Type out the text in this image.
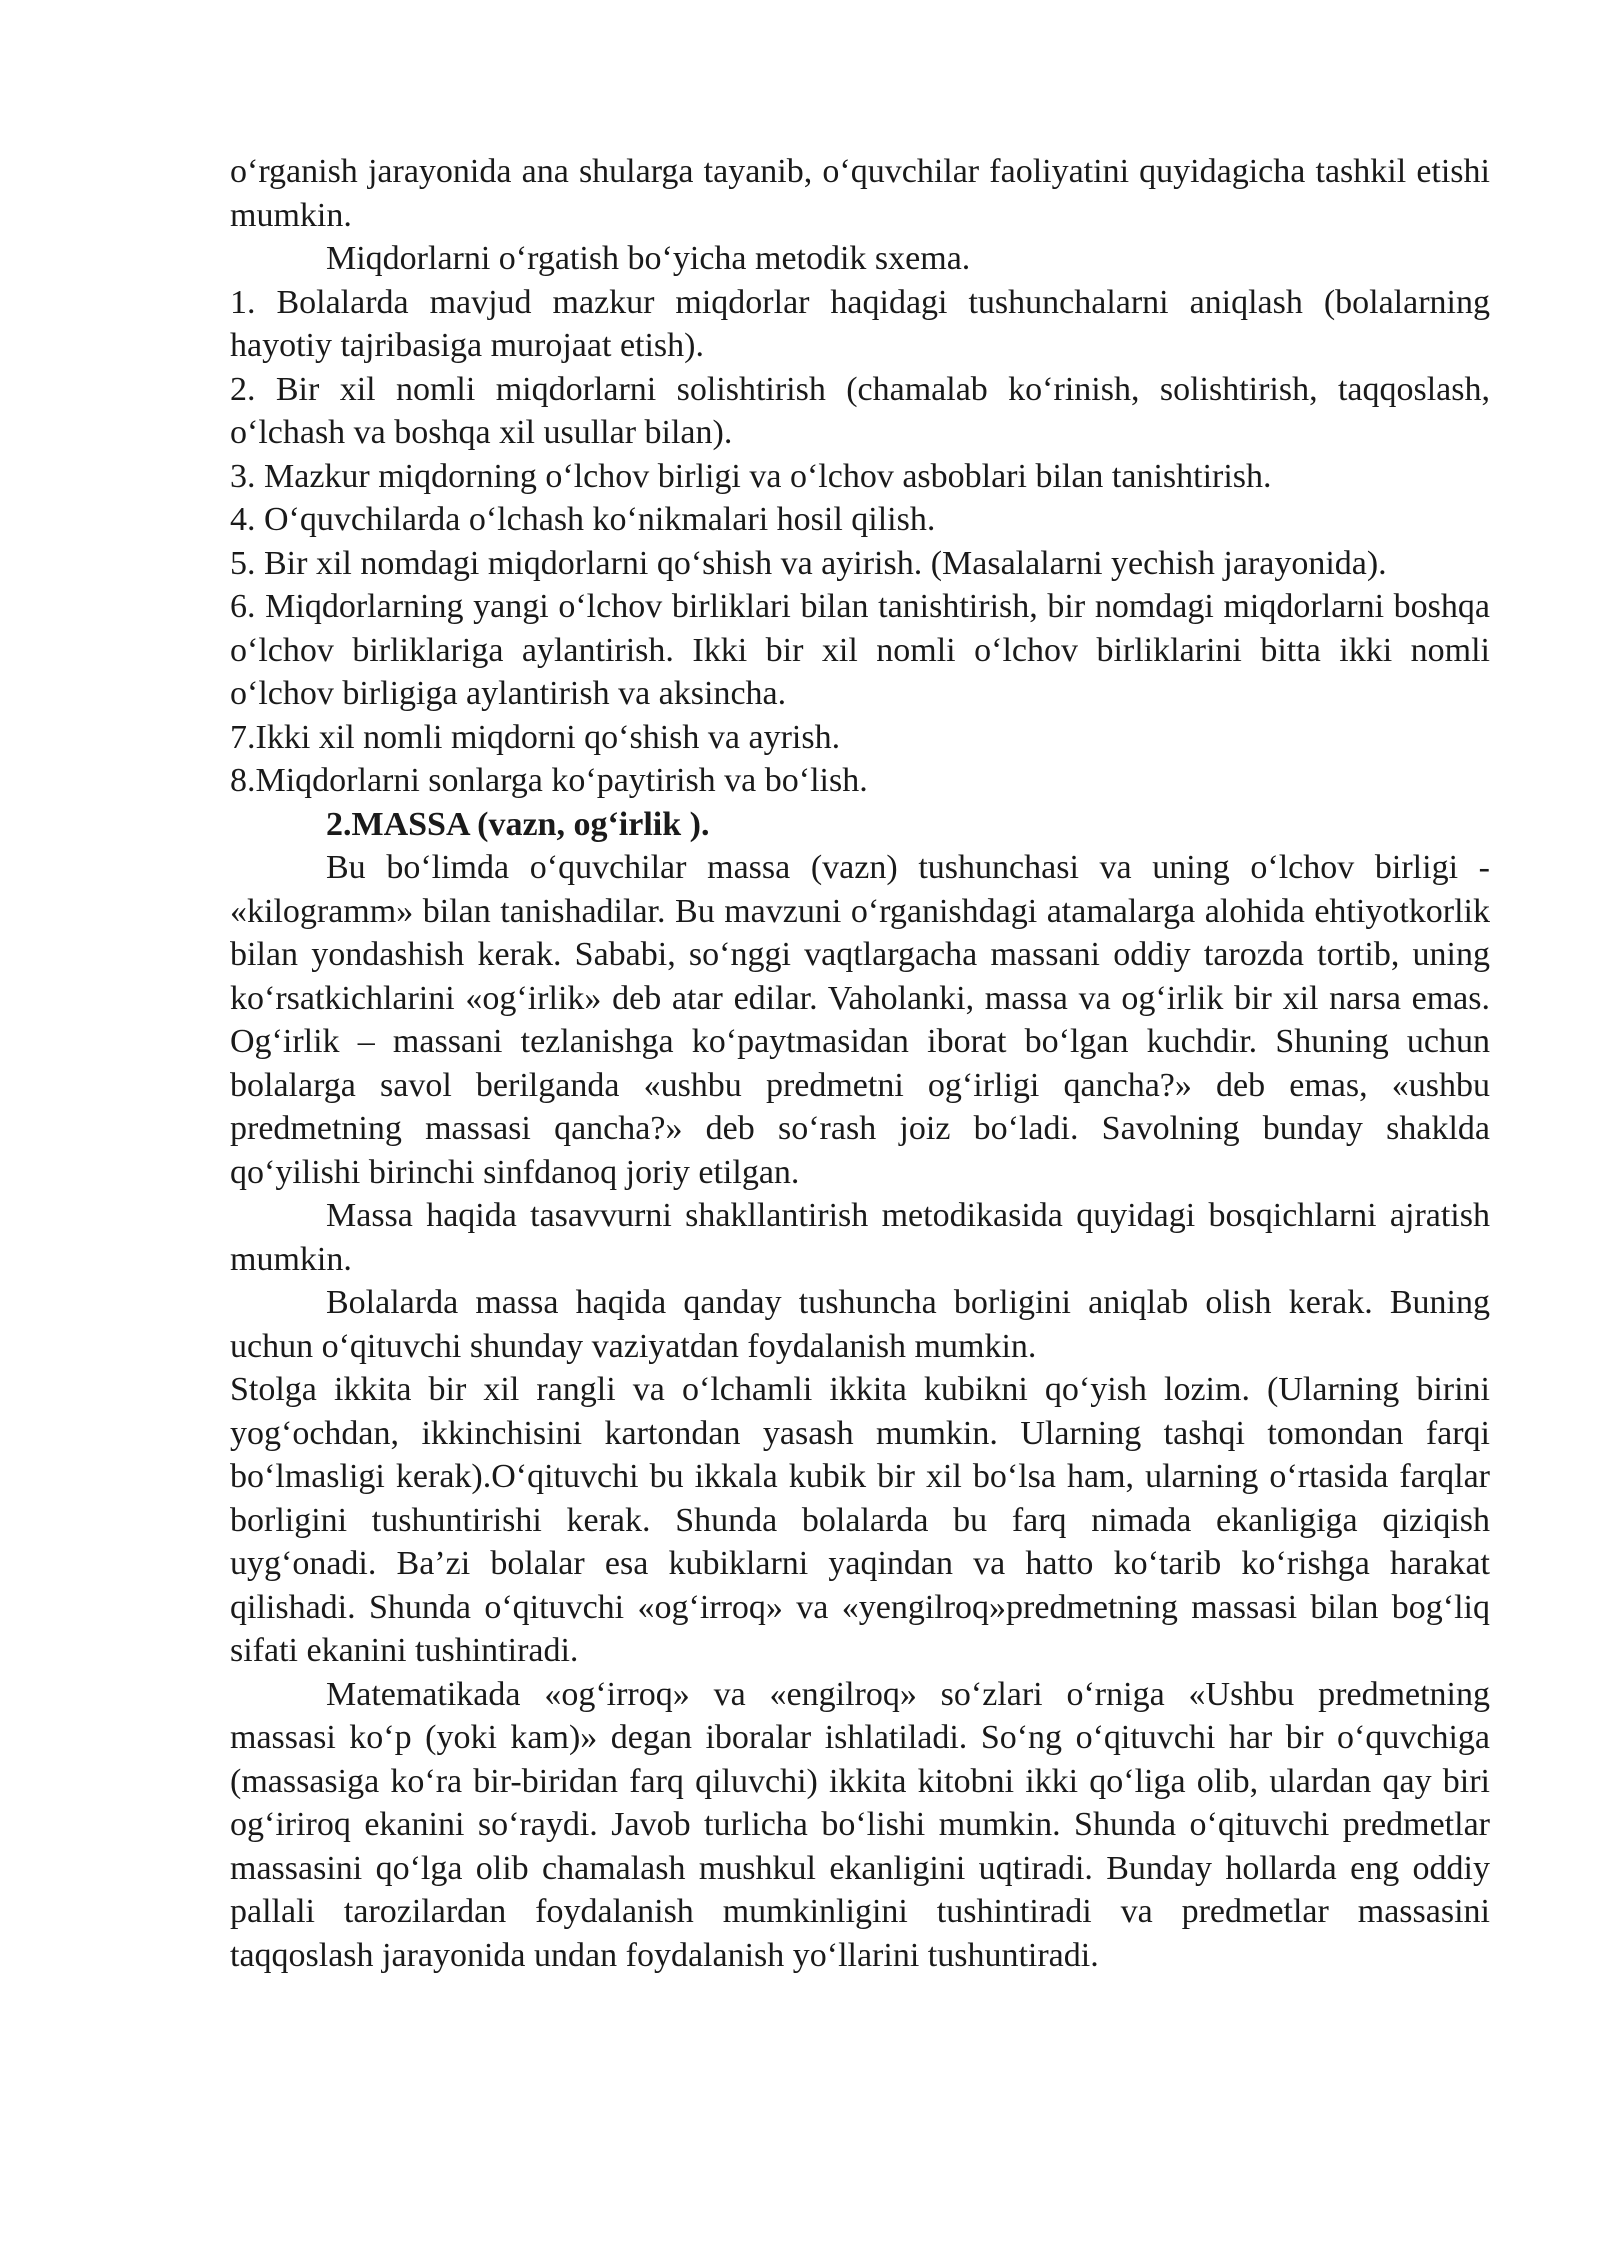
o‘rganish jarayonida ana shularga tayanib, o‘quvchilar faoliyatini quyidagicha tashkil etishi mumkin.

Miqdorlarni o‘rgatish bo‘yicha metodik sxema.

1. Bolalarda mavjud mazkur miqdorlar haqidagi tushunchalarni aniqlash (bolalarning hayotiy tajribasiga murojaat etish).

2. Bir xil nomli miqdorlarni solishtirish (chamalab ko‘rinish, solishtirish, taqqoslash, o‘lchash va boshqa xil usullar bilan).

3. Mazkur miqdorning o‘lchov birligi va o‘lchov asboblari bilan tanishtirish.

4. O‘quvchilarda o‘lchash ko‘nikmalari hosil qilish.

5. Bir xil nomdagi miqdorlarni qo‘shish va ayirish. (Masalalarni yechish jarayonida).

6. Miqdorlarning yangi o‘lchov birliklari bilan tanishtirish, bir nomdagi miqdorlarni boshqa o‘lchov birliklariga aylantirish. Ikki bir xil nomli o‘lchov birliklarini bitta ikki nomli o‘lchov birligiga aylantirish va aksincha.

7.Ikki xil nomli miqdorni qo‘shish va ayrish.

8.Miqdorlarni sonlarga ko‘paytirish va bo‘lish.

2.MASSA (vazn, og‘irlik ).

Bu bo‘limda o‘quvchilar massa (vazn) tushunchasi va uning o‘lchov birligi - «kilogramm» bilan tanishadilar. Bu mavzuni o‘rganishdagi atamalarga alohida ehtiyotkorlik bilan yondashish kerak. Sababi, so‘nggi vaqtlargacha massani oddiy tarozda tortib, uning ko‘rsatkichlarini «og‘irlik» deb atar edilar. Vaholanki, massa va og‘irlik bir xil narsa emas. Og‘irlik – massani tezlanishga ko‘paytmasidan iborat bo‘lgan kuchdir. Shuning uchun bolalarga savol berilganda «ushbu predmetni og‘irligi qancha?» deb emas, «ushbu predmetning massasi qancha?» deb so‘rash joiz bo‘ladi. Savolning bunday shaklda qo‘yilishi birinchi sinfdanoq joriy etilgan.

Massa haqida tasavvurni shakllantirish metodikasida quyidagi bosqichlarni ajratish mumkin.

Bolalarda massa haqida qanday tushuncha borligini aniqlab olish kerak. Buning uchun o‘qituvchi shunday vaziyatdan foydalanish mumkin.

Stolga ikkita bir xil rangli va o‘lchamli ikkita kubikni qo‘yish lozim. (Ularning birini yog‘ochdan, ikkinchisini kartondan yasash mumkin. Ularning tashqi tomondan farqi bo‘lmasligi kerak).O‘qituvchi bu ikkala kubik bir xil bo‘lsa ham, ularning o‘rtasida farqlar borligini tushuntirishi kerak. Shunda bolalarda bu farq nimada ekanligiga qiziqish uyg‘onadi. Ba’zi bolalar esa kubiklarni yaqindan va hatto ko‘tarib ko‘rishga harakat qilishadi. Shunda o‘qituvchi «og‘irroq» va «yengilroq»predmetning massasi bilan bog‘liq sifati ekanini tushintiradi.

Matematikada «og‘irroq» va «engilroq» so‘zlari o‘rniga «Ushbu predmetning massasi ko‘p (yoki kam)» degan iboralar ishlatiladi. So‘ng o‘qituvchi har bir o‘quvchiga (massasiga ko‘ra bir-biridan farq qiluvchi) ikkita kitobni ikki qo‘liga olib, ulardan qay biri og‘iriroq ekanini so‘raydi. Javob turlicha bo‘lishi mumkin. Shunda o‘qituvchi predmetlar massasini qo‘lga olib chamalash mushkul ekanligini uqtiradi. Bunday hollarda eng oddiy pallali tarozilardan foydalanish mumkinligini tushintiradi va predmetlar massasini taqqoslash jarayonida undan foydalanish yo‘llarini tushuntiradi.
